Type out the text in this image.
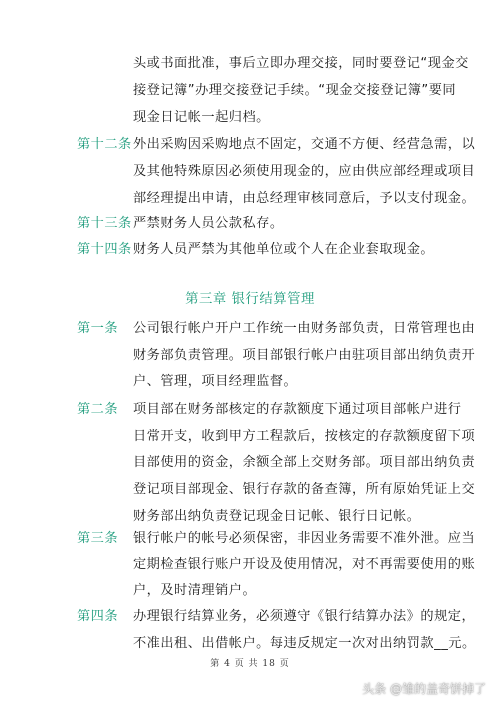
头或书面批准，事后立即办理交接，同时要登记“现金交
接登记簿”办理交接登记手续。“现金交接登记簿”要同
现金日记帐一起归档。
第十二条 外出采购因采购地点不固定，交通不方便、经营急需，以
及其他特殊原因必须使用现金的，应由供应部经理或项目
部经理提出申请，由总经理审核同意后，予以支付现金。
第十三条 严禁财务人员公款私存。
第十四条 财务人员严禁为其他单位或个人在企业套取现金。
第三章 银行结算管理
第一条 公司银行帐户开户工作统一由财务部负责，日常管理也由
财务部负责管理。项目部银行帐户由驻项目部出纳负责开
户、管理，项目经理监督。
第二条 项目部在财务部核定的存款额度下通过项目部帐户进行
日常开支，收到甲方工程款后，按核定的存款额度留下项
目部使用的资金，余额全部上交财务部。项目部出纳负责
登记项目部现金、银行存款的备查簿，所有原始凭证上交
财务部出纳负责登记现金日记帐、银行日记帐。
第三条 银行帐户的帐号必须保密，非因业务需要不准外泄。应当
定期检查银行账户开设及使用情况，对不再需要使用的账
户，及时清理销户。
第四条 办理银行结算业务，必须遵守《银行结算办法》的规定，
不准出租、出借帐户。每违反规定一次对出纳罚款__元。
第 4 页 共 18 页
头条 @雏的盖奇饼掉了
